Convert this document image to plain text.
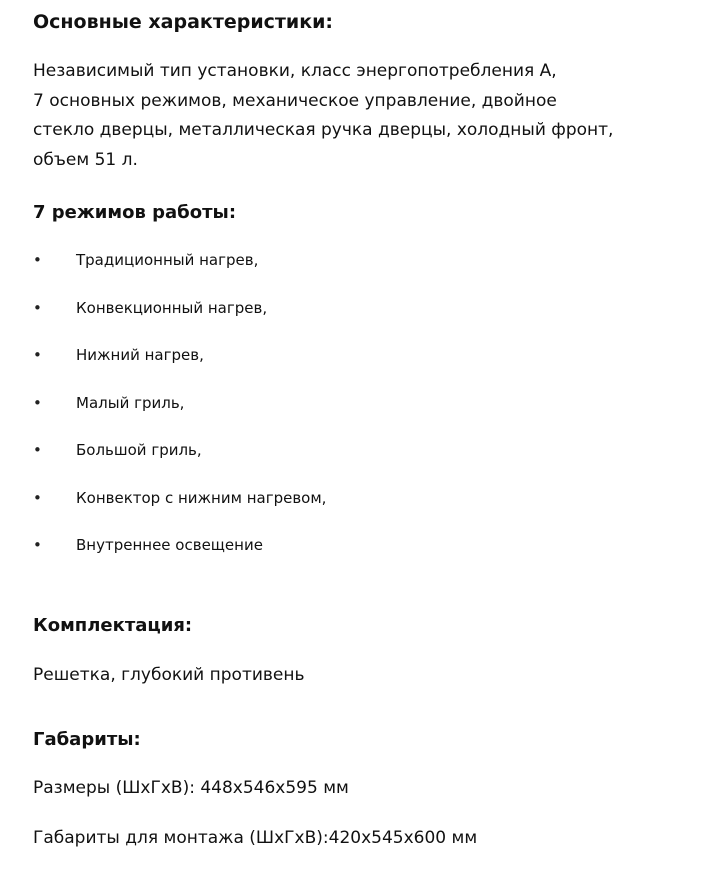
Основные характеристики:

Независимый тип установки, класс энергопотребления А,
7 основных режимов, механическое управление, двойное
стекло дверцы, металлическая ручка дверцы, холодный фронт,
объем 51 л.

7 режимов работы:
• Традиционный нагрев,
• Конвекционный нагрев,
• Нижний нагрев,
• Малый гриль,
• Большой гриль,
• Конвектор с нижним нагревом,
• Внутреннее освещение
Комплектация:

Решетка, глубокий противень

Габариты:

Размеры (ШхГхВ): 448x546x595 мм

Габариты для монтажа (ШхГхВ):420x545x600 мм
